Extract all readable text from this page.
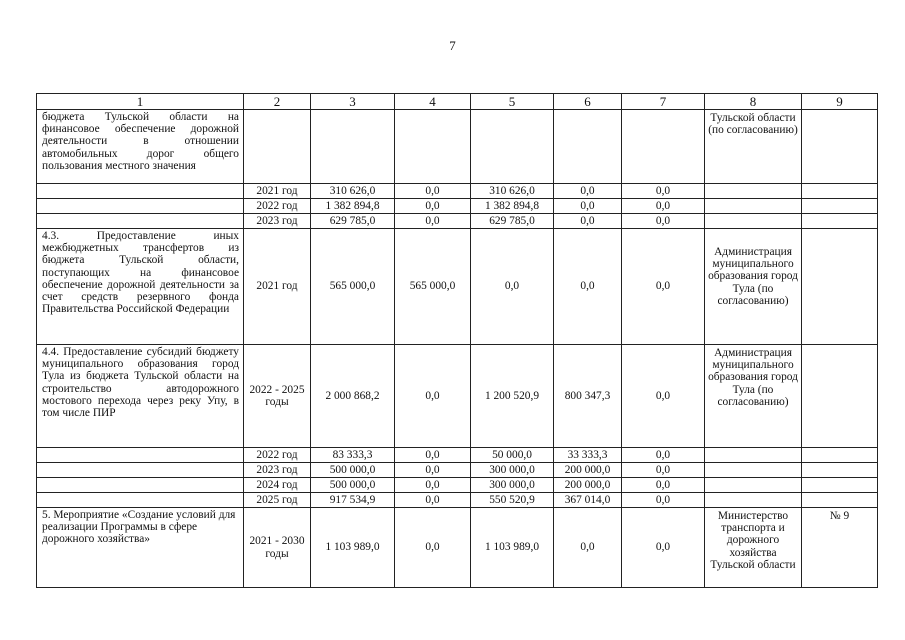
7
1	2	3	4	5	6	7	8	9
бюджета Тульской области на финансовое обеспечение дорожной деятельности в отношении автомобильных дорог общего пользования местного значения							Тульской области (по согласованию)	
	2021 год	310 626,0	0,0	310 626,0	0,0	0,0		
	2022 год	1 382 894,8	0,0	1 382 894,8	0,0	0,0		
	2023 год	629 785,0	0,0	629 785,0	0,0	0,0		
4.3. Предоставление иных межбюджетных трансфертов из бюджета Тульской области, поступающих на финансовое обеспечение дорожной деятельности за счет средств резервного фонда Правительства Российской Федерации	2021 год	565 000,0	565 000,0	0,0	0,0	0,0	Администрация муниципального образования город Тула (по согласованию)	
4.4. Предоставление субсидий бюджету муниципального образования город Тула из бюджета Тульской области на строительство автодорожного мостового перехода через реку Упу, в том числе ПИР	2022 - 2025 годы	2 000 868,2	0,0	1 200 520,9	800 347,3	0,0	Администрация муниципального образования город Тула (по согласованию)	
	2022 год	83 333,3	0,0	50 000,0	33 333,3	0,0		
	2023 год	500 000,0	0,0	300 000,0	200 000,0	0,0		
	2024 год	500 000,0	0,0	300 000,0	200 000,0	0,0		
	2025 год	917 534,9	0,0	550 520,9	367 014,0	0,0		
5. Мероприятие «Создание условий для реализации Программы в сфере дорожного хозяйства»	2021 - 2030 годы	1 103 989,0	0,0	1 103 989,0	0,0	0,0	Министерство транспорта и дорожного хозяйства Тульской области	№ 9
